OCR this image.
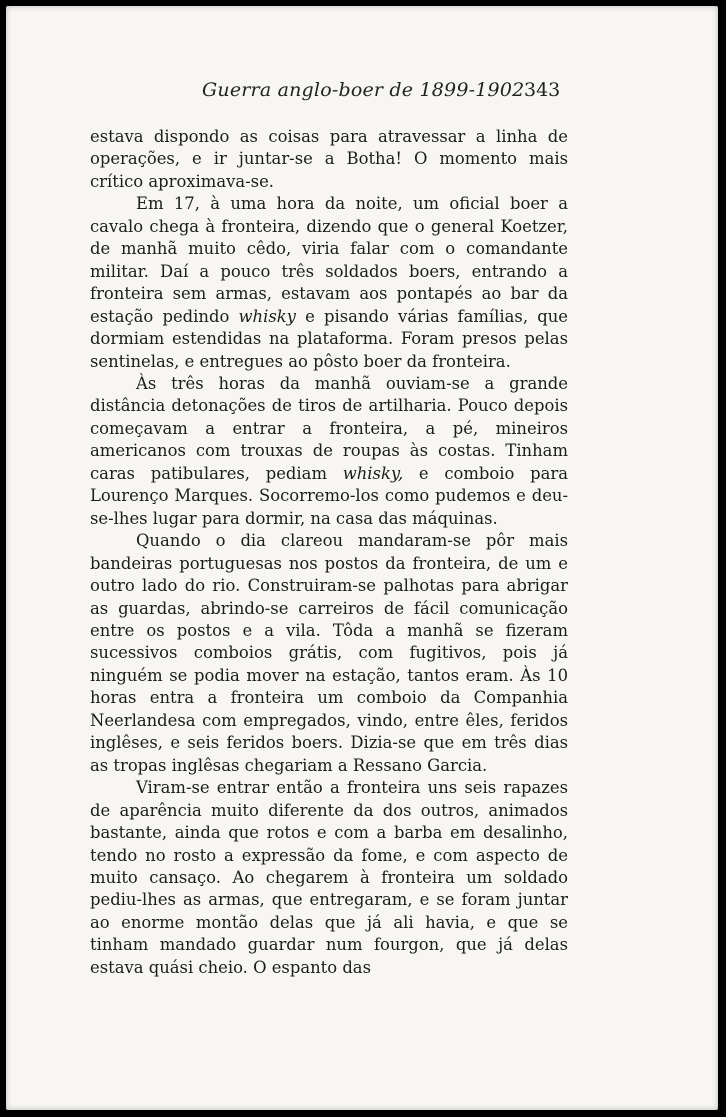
Guerra anglo-boer de 1899-1902 343

estava dispondo as coisas para atravessar a linha de operações, e ir juntar-se a Botha! O momento mais crítico aproximava-se.

Em 17, à uma hora da noite, um oficial boer a cavalo chega à fronteira, dizendo que o general Koetzer, de manhã muito cêdo, viria falar com o comandante militar. Daí a pouco três soldados boers, entrando a fronteira sem armas, estavam aos pontapés ao bar da estação pedindo whisky e pisando várias famílias, que dormiam estendidas na plataforma. Foram presos pelas sentinelas, e entregues ao pôsto boer da fronteira.

Às três horas da manhã ouviam-se a grande distância detonações de tiros de artilharia. Pouco depois começavam a entrar a fronteira, a pé, mineiros americanos com trouxas de roupas às costas. Tinham caras patibulares, pediam whisky, e comboio para Lourenço Marques. Socorremo-los como pudemos e deu-se-lhes lugar para dormir, na casa das máquinas.

Quando o dia clareou mandaram-se pôr mais bandeiras portuguesas nos postos da fronteira, de um e outro lado do rio. Construiram-se palhotas para abrigar as guardas, abrindo-se carreiros de fácil comunicação entre os postos e a vila. Tôda a manhã se fizeram sucessivos comboios grátis, com fugitivos, pois já ninguém se podia mover na estação, tantos eram. Às 10 horas entra a fronteira um comboio da Companhia Neerlandesa com empregados, vindo, entre êles, feridos inglêses, e seis feridos boers. Dizia-se que em três dias as tropas inglêsas chegariam a Ressano Garcia.

Viram-se entrar então a fronteira uns seis rapazes de aparência muito diferente da dos outros, animados bastante, ainda que rotos e com a barba em desalinho, tendo no rosto a expressão da fome, e com aspecto de muito cansaço. Ao chegarem à fronteira um soldado pediu-lhes as armas, que entregaram, e se foram juntar ao enorme montão delas que já ali havia, e que se tinham mandado guardar num fourgon, que já delas estava quási cheio. O espanto das
